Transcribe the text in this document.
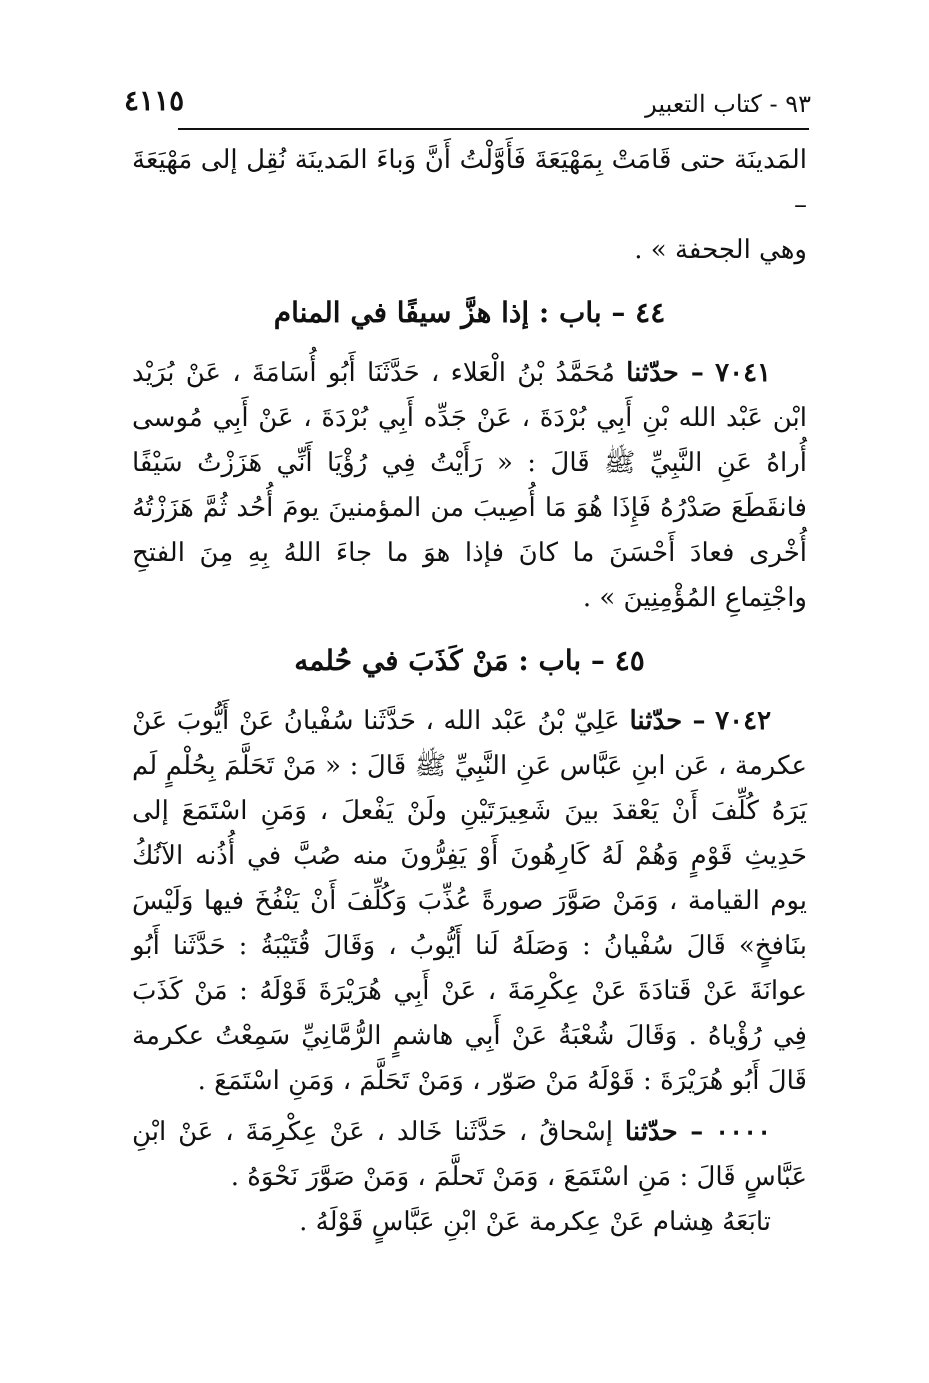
٩٣ - كتاب التعبير
٤١١٥

المَدينَة حتى قَامَتْ بِمَهْيَعَةَ فَأَوَّلْتُ أَنَّ وَباءَ المَدينَة نُقِل إلى مَهْيَعَةَ –

وهي الجحفة » .

٤٤ – باب : إذا هزَّ سيفًا في المنام

٧٠٤١ – حدّثنا مُحَمَّدُ بْنُ الْعَلاء ، حَدَّثَنَا أَبُو أُسَامَةَ ، عَنْ بُرَيْد ابْن عَبْد الله بْنِ أَبِي بُرْدَةَ ، عَنْ جَدِّه أَبِي بُرْدَةَ ، عَنْ أَبِي مُوسى أُراهُ عَنِ النَّبِيِّ ﷺ قَالَ : « رَأَيْتُ فِي رُؤْيَا أَنِّي هَزَزْتُ سَيْفًا فانقَطَعَ صَدْرُهُ فَإِذَا هُوَ مَا أُصِيبَ من المؤمنينَ يومَ أُحُد ثُمَّ هَزَزْتُهُ أُخْرى فعادَ أَحْسَنَ ما كانَ فإذا هوَ ما جاءَ اللهُ بِهِ مِنَ الفتحِ واجْتِماعِ المُؤْمِنِينَ » .

٤٥ – باب : مَنْ كَذَبَ في حُلمه

٧٠٤٢ – حدّثنا عَلِيّ بْنُ عَبْد الله ، حَدَّثَنا سُفْيانُ عَنْ أَيُّوبَ عَنْ عكرمة ، عَن ابنِ عَبَّاس عَنِ النَّبِيِّ ﷺ قَالَ : « مَنْ تَحَلَّمَ بِحُلْمٍ لَم يَرَهُ كُلِّفَ أَنْ يَعْقدَ بينَ شَعِيرَتَيْنِ ولَنْ يَفْعلَ ، وَمَنِ اسْتَمَعَ إلى حَدِيثِ قَوْمٍ وَهُمْ لَهُ كَارِهُونَ أَوْ يَفِرُّونَ منه صُبَّ في أُذُنه الآنُكُ يوم القيامة ، وَمَنْ صَوَّرَ صورةً عُذِّبَ وَكُلِّفَ أَنْ يَنْفُخَ فيها وَلَيْسَ بنَافخٍ» قَالَ سُفْيانُ : وَصَلَهُ لَنا أَيُّوبُ ، وَقَالَ قُتَيْبَةُ : حَدَّثَنا أَبُو عوانَةَ عَنْ قَتادَةَ عَنْ عِكْرِمَةَ ، عَنْ أَبِي هُرَيْرَةَ قَوْلَهُ : مَنْ كَذَبَ فِي رُؤْياهُ . وَقَالَ شُعْبَةُ عَنْ أَبِي هاشمٍ الرُّمَّانِيِّ سَمِعْتُ عكرمة قَالَ أَبُو هُرَيْرَةَ : قَوْلَهُ مَنْ صَوّر ، وَمَنْ تَحَلَّمَ ، وَمَنِ اسْتَمَعَ .

٠٠٠٠ – حدّثنا إسْحاقُ ، حَدَّثَنا خَالد ، عَنْ عِكْرِمَةَ ، عَنْ ابْنِ عَبَّاسٍ قَالَ : مَنِ اسْتَمَعَ ، وَمَنْ تَحلَّمَ ، وَمَنْ صَوَّرَ نَحْوَهُ .

تابَعَهُ هِشام عَنْ عِكرمة عَنْ ابْنِ عَبَّاسٍ قَوْلَهُ .
